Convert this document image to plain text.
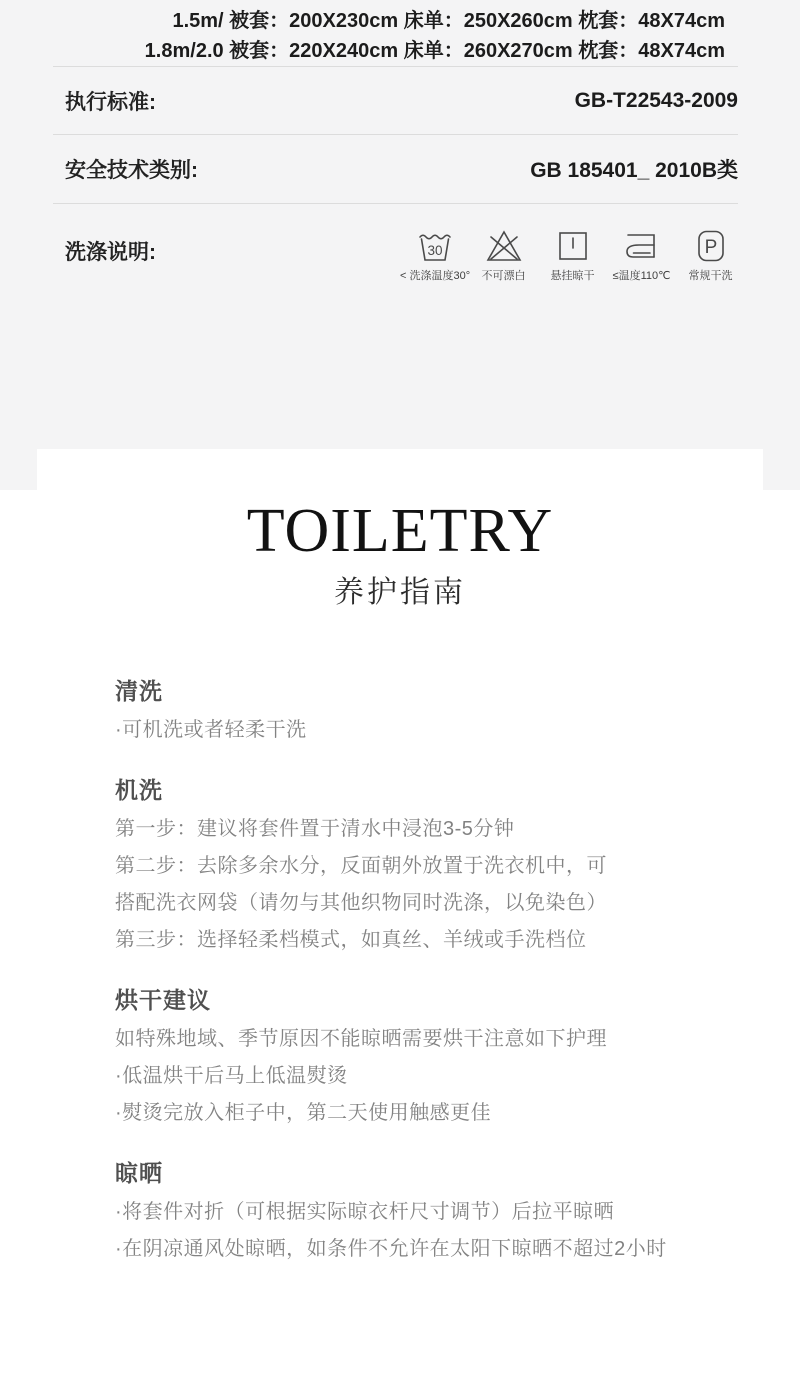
1.5m/ 被套：200X230cm 床单：250X260cm 枕套：48X74cm
1.8m/2.0 被套：220X240cm 床单：260X270cm 枕套：48X74cm
执行标准:	GB-T22543-2009
安全技术类别:	GB 185401_ 2010B类
洗涤说明:	30
< 洗涤温度30°	不可漂白	悬挂晾干	≤温度110℃
P
常规干洗
TOILETRY
养护指南
清洗

·可机洗或者轻柔干洗

机洗

第一步：建议将套件置于清水中浸泡3-5分钟

第二步：去除多余水分，反面朝外放置于洗衣机中，可

搭配洗衣网袋（请勿与其他织物同时洗涤，以免染色）

第三步：选择轻柔档模式，如真丝、羊绒或手洗档位

烘干建议

如特殊地域、季节原因不能晾晒需要烘干注意如下护理

·低温烘干后马上低温熨烫

·熨烫完放入柜子中，第二天使用触感更佳

晾晒

·将套件对折（可根据实际晾衣杆尺寸调节）后拉平晾晒

·在阴凉通风处晾晒，如条件不允许在太阳下晾晒不超过2小时
